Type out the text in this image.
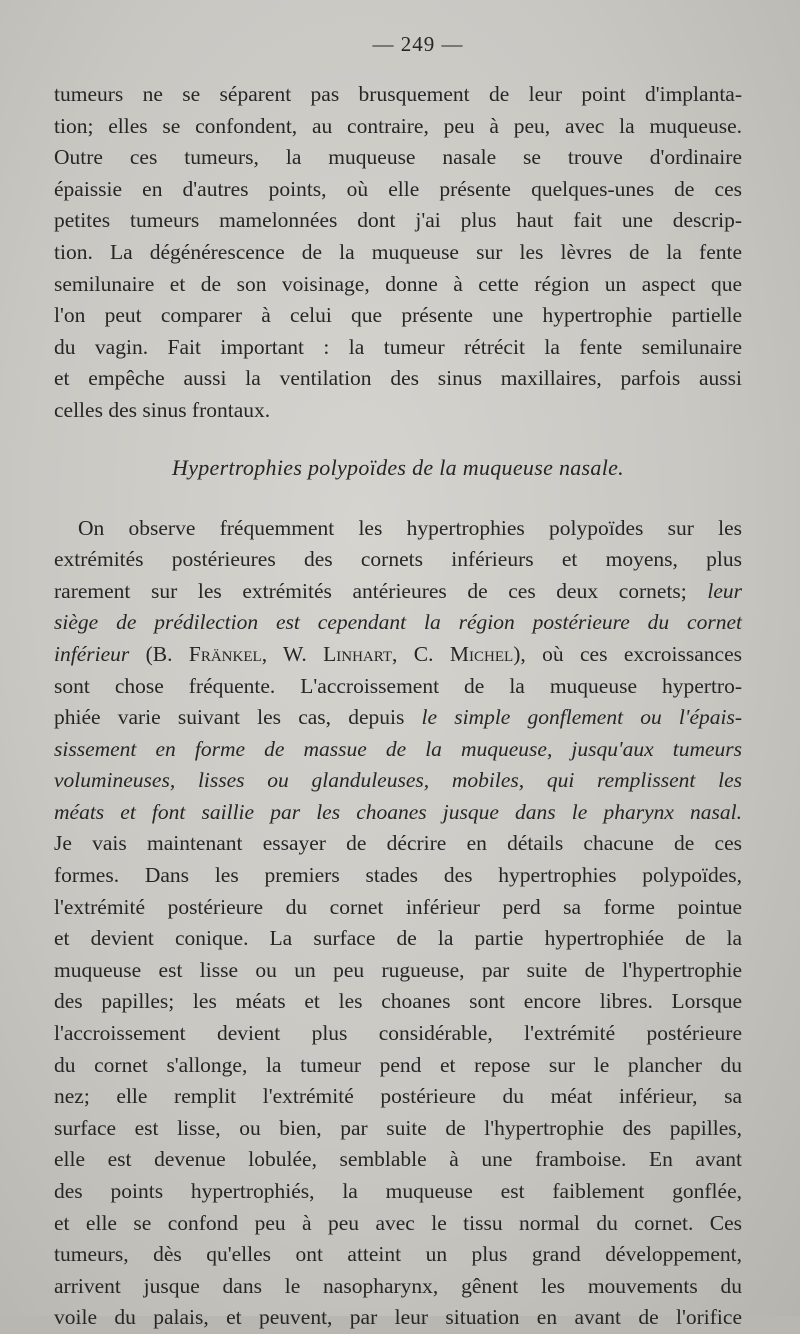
— 249 —

tumeurs ne se séparent pas brusquement de leur point d'implanta-
tion; elles se confondent, au contraire, peu à peu, avec la muqueuse.
Outre ces tumeurs, la muqueuse nasale se trouve d'ordinaire
épaissie en d'autres points, où elle présente quelques-unes de ces
petites tumeurs mamelonnées dont j'ai plus haut fait une descrip-
tion. La dégénérescence de la muqueuse sur les lèvres de la fente
semilunaire et de son voisinage, donne à cette région un aspect que
l'on peut comparer à celui que présente une hypertrophie partielle
du vagin. Fait important : la tumeur rétrécit la fente semilunaire
et empêche aussi la ventilation des sinus maxillaires, parfois aussi
celles des sinus frontaux.

Hypertrophies polypoïdes de la muqueuse nasale.

On observe fréquemment les hypertrophies polypoïdes sur les
extrémités postérieures des cornets inférieurs et moyens, plus
rarement sur les extrémités antérieures de ces deux cornets; leur
siège de prédilection est cependant la région postérieure du cornet
inférieur (B. Fränkel, W. Linhart, C. Michel), où ces excroissances
sont chose fréquente. L'accroissement de la muqueuse hypertro-
phiée varie suivant les cas, depuis le simple gonflement ou l'épais-
sissement en forme de massue de la muqueuse, jusqu'aux tumeurs
volumineuses, lisses ou glanduleuses, mobiles, qui remplissent les
méats et font saillie par les choanes jusque dans le pharynx nasal.
Je vais maintenant essayer de décrire en détails chacune de ces
formes. Dans les premiers stades des hypertrophies polypoïdes,
l'extrémité postérieure du cornet inférieur perd sa forme pointue
et devient conique. La surface de la partie hypertrophiée de la
muqueuse est lisse ou un peu rugueuse, par suite de l'hypertrophie
des papilles; les méats et les choanes sont encore libres. Lorsque
l'accroissement devient plus considérable, l'extrémité postérieure
du cornet s'allonge, la tumeur pend et repose sur le plancher du
nez; elle remplit l'extrémité postérieure du méat inférieur, sa
surface est lisse, ou bien, par suite de l'hypertrophie des papilles,
elle est devenue lobulée, semblable à une framboise. En avant
des points hypertrophiés, la muqueuse est faiblement gonflée,
et elle se confond peu à peu avec le tissu normal du cornet. Ces
tumeurs, dès qu'elles ont atteint un plus grand développement,
arrivent jusque dans le nasopharynx, gênent les mouvements du
voile du palais, et peuvent, par leur situation en avant de l'orifice
